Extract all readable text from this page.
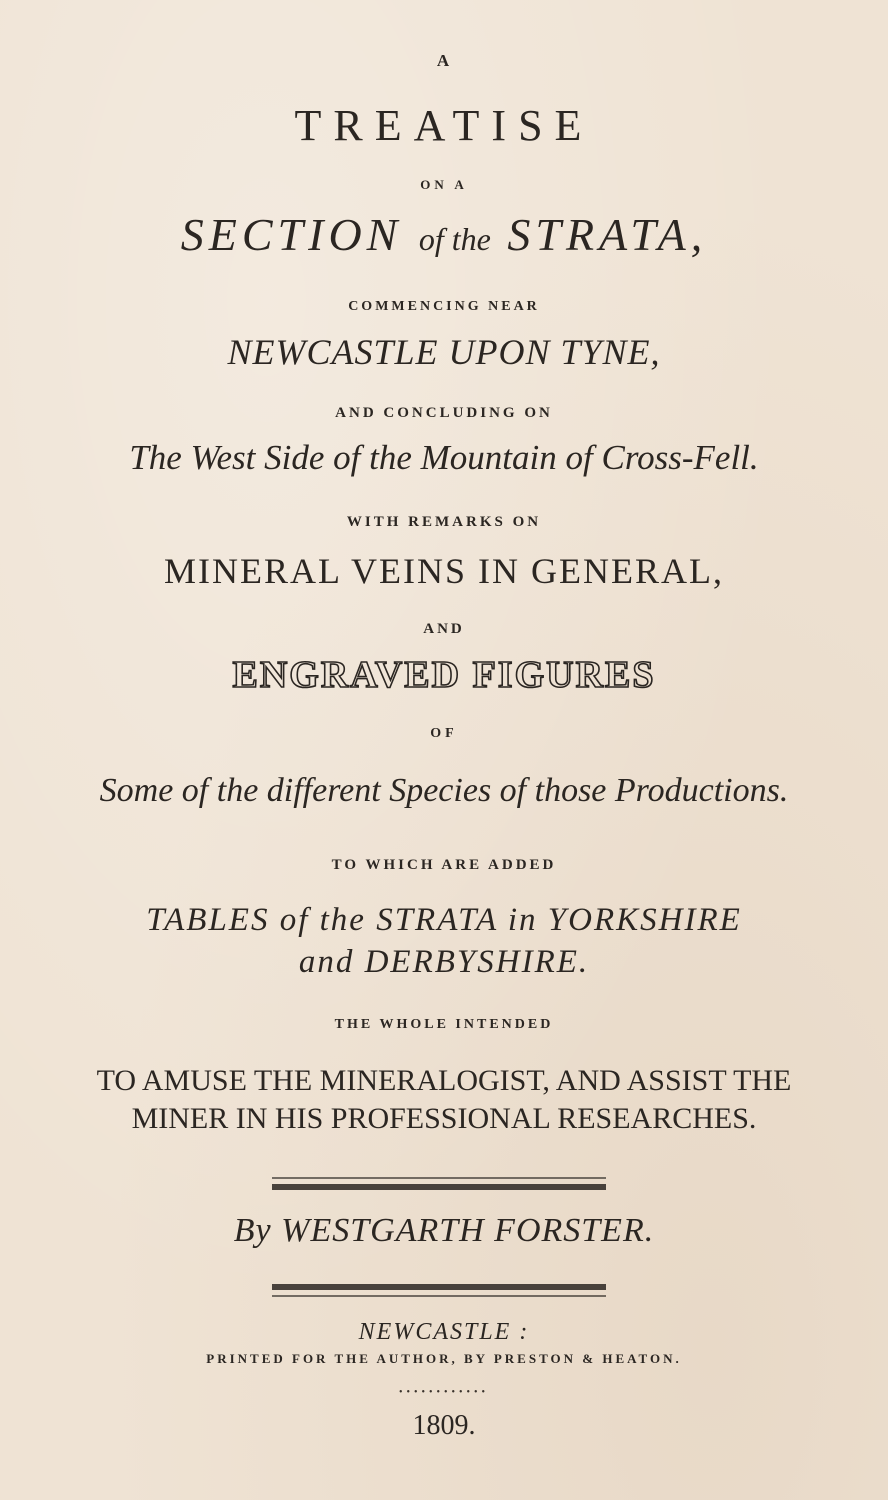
A
TREATISE
ON A
SECTION of the STRATA,
COMMENCING NEAR
NEWCASTLE UPON TYNE,
AND CONCLUDING ON
The West Side of the Mountain of Cross-Fell.
WITH REMARKS ON
MINERAL VEINS IN GENERAL,
AND
ENGRAVED FIGURES
OF
Some of the different Species of those Productions.
TO WHICH ARE ADDED
TABLES of the STRATA in YORKSHIRE
and DERBYSHIRE.
THE WHOLE INTENDED
TO AMUSE THE MINERALOGIST, AND ASSIST THE
MINER IN HIS PROFESSIONAL RESEARCHES.
By WESTGARTH FORSTER.
NEWCASTLE :
PRINTED FOR THE AUTHOR, BY PRESTON & HEATON.
••••••••••••
1809.
